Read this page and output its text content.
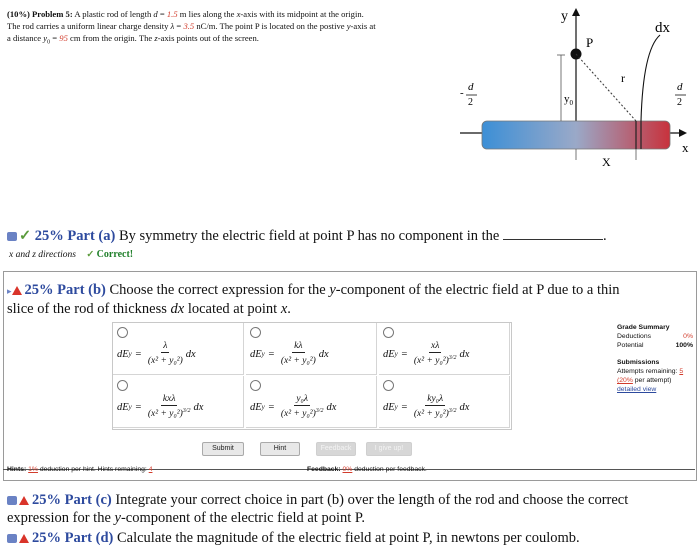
(10%) Problem 5: A plastic rod of length d = 1.5 m lies along the x-axis with its midpoint at the origin.
The rod carries a uniform linear charge density λ = 3.5 nC/m. The point P is located on the postive y-axis at
a distance $y_0 = 95$ cm from the origin. The z-axis points out of the screen.
y
x
$y_0$
P
r
dx
X
- d
2
d
2
✓ 25% Part (a) By symmetry the electric field at point P has no component in the	.
x and z directions ✓ Correct!
▸ 25% Part (b) Choose the correct expression for the y-component of the electric field at P due to a thin
slice of the rod of thickness dx located at point x.
dE $y = \frac{\lambda}{\text{(x² + y₀²)}}$ dx	dE $y = \frac{k\lambda}{\text{(x² + y₀²)}}$ dx	dE $y = \frac{x\lambda}{(x^2 + y_0^2)^{3/2}}$ dx
dE $y = \frac{\text{kxλ}}{(x^2 + y_0^2)^{3/2}}$ dx	dE $y = \frac{\text{y₀λ}}{(x^2 + y_0^2)^{3/2}}$ dx	dE $y = \frac{\text{ky₀λ}}{(x^2 + y_0^2)^{3/2}}$ dx
Submit	Hint	Feedback	I give up!
Hints: 1% deduction per hint. Hints remaining: 4	Feedback: 0% deduction per feedback.
Grade Summary
Deductions	0%
Potential	100%
Submissions
Attempts remaining: 5
(20% per attempt)
detailed view
25% Part (c) Integrate your correct choice in part (b) over the length of the rod and choose the correct
expression for the y-component of the electric field at point P.
25% Part (d) Calculate the magnitude of the electric field at point P, in newtons per coulomb.
